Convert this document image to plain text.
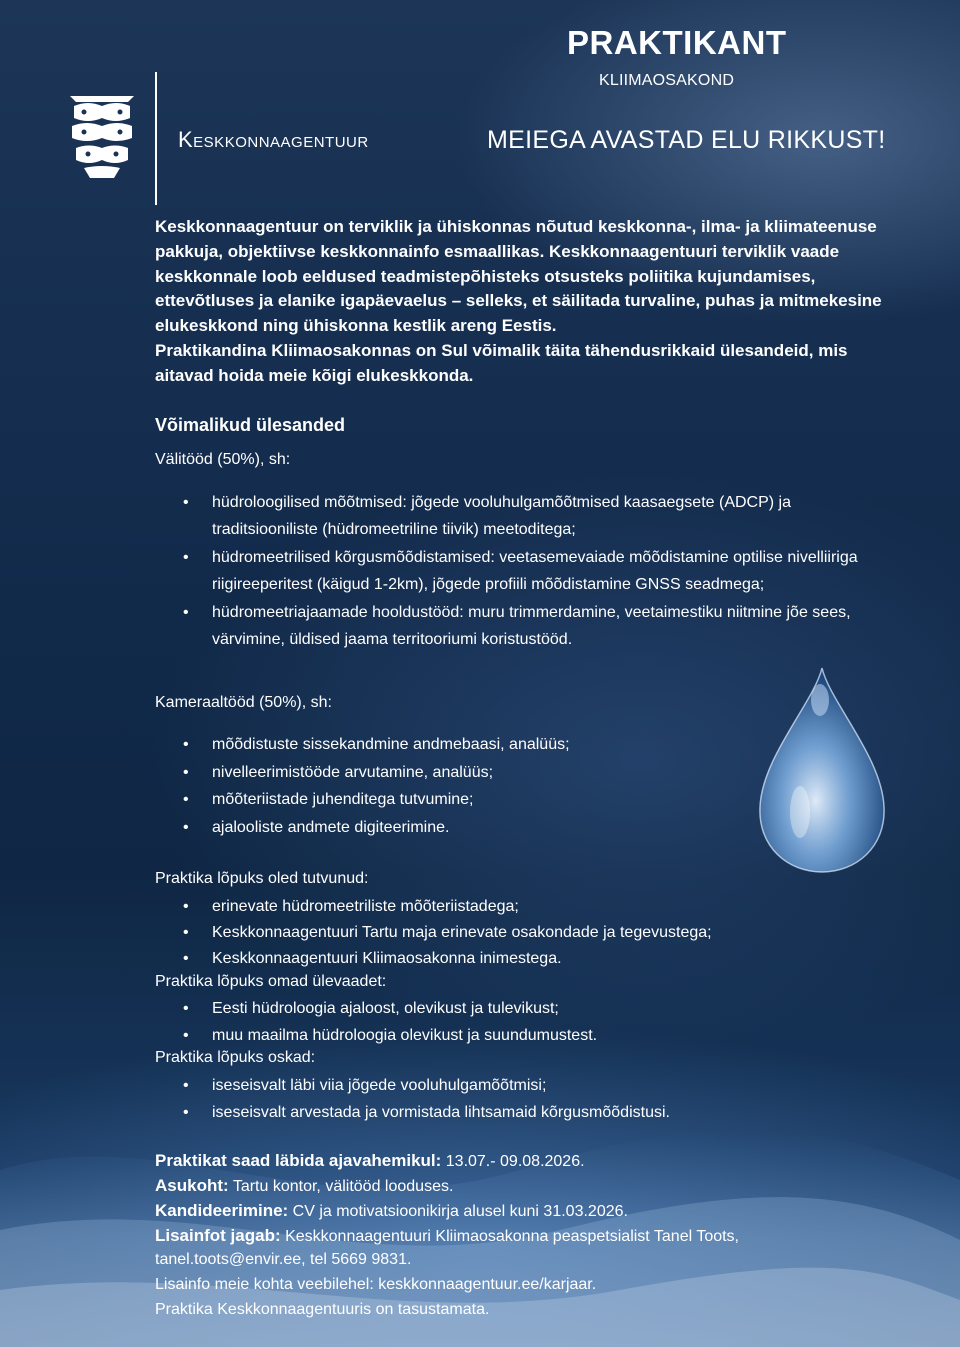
Keskkonnaagentuur
PRAKTIKANT
KLIIMAOSAKOND
MEIEGA AVASTAD ELU RIKKUST!
Keskkonnaagentuur on terviklik ja ühiskonnas nõutud keskkonna-, ilma- ja kliimateenuse pakkuja, objektiivse keskkonnainfo esmaallikas. Keskkonnaagentuuri terviklik vaade keskkonnale loob eeldused teadmistepõhisteks otsusteks poliitika kujundamises, ettevõtluses ja elanike igapäevaelus – selleks, et säilitada turvaline, puhas ja mitmekesine elukeskkond ning ühiskonna kestlik areng Eestis.
Praktikandina Kliimaosakonnas on Sul võimalik täita tähendusrikkaid ülesandeid, mis aitavad hoida meie kõigi elukeskkonda.
Võimalikud ülesanded
Välitööd (50%), sh:
• hüdroloogilised mõõtmised: jõgede vooluhulgamõõtmised kaasaegsete (ADCP) ja traditsiooniliste (hüdromeetriline tiivik) meetoditega;
• hüdromeetrilised kõrgusmõõdistamised: veetasemevaiade mõõdistamine optilise nivelliiriga riigireeperitest (käigud 1-2km), jõgede profiili mõõdistamine GNSS seadmega;
• hüdromeetriajaamade hooldustööd: muru trimmerdamine, veetaimestiku niitmine jõe sees, värvimine, üldised jaama territooriumi koristustööd.
Kameraaltööd (50%), sh:
• mõõdistuste sissekandmine andmebaasi, analüüs;
• nivelleerimistööde arvutamine, analüüs;
• mõõteriistade juhenditega tutvumine;
• ajalooliste andmete digiteerimine.
Praktika lõpuks oled tutvunud:
• erinevate hüdromeetriliste mõõteriistadega;
• Keskkonnaagentuuri Tartu maja erinevate osakondade ja tegevustega;
• Keskkonnaagentuuri Kliimaosakonna inimestega.
Praktika lõpuks omad ülevaadet:
• Eesti hüdroloogia ajaloost, olevikust ja tulevikust;
• muu maailma hüdroloogia olevikust ja suundumustest.
Praktika lõpuks oskad:
• iseseisvalt läbi viia jõgede vooluhulgamõõtmisi;
• iseseisvalt arvestada ja vormistada lihtsamaid kõrgusmõõdistusi.
Praktikat saad läbida ajavahemikul: 13.07.- 09.08.2026.
Asukoht: Tartu kontor, välitööd looduses.
Kandideerimine: CV ja motivatsioonikirja alusel kuni 31.03.2026.
Lisainfot jagab: Keskkonnaagentuuri Kliimaosakonna peaspetsialist Tanel Toots,
tanel.toots@envir.ee, tel 5669 9831.
Lisainfo meie kohta veebilehel: keskkonnaagentuur.ee/karjaar.
Praktika Keskkonnaagentuuris on tasustamata.
